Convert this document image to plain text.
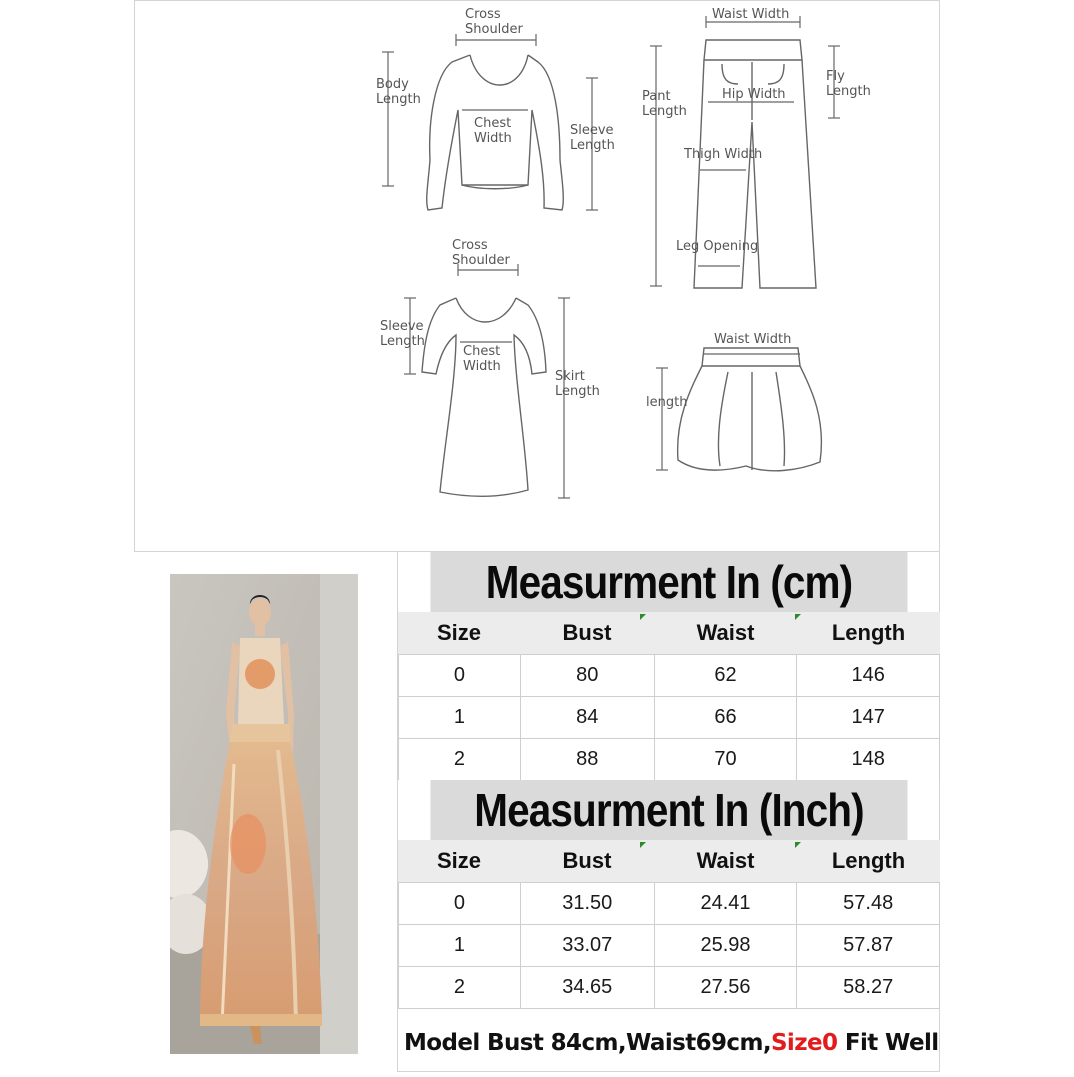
Cross
Shoulder
Body
Length
Chest
Width
Sleeve
Length
Waist Width
Pant
Length
Hip Width
Fly
Length
Thigh Width
Leg Opening
Cross
Shoulder
Sleeve
Length
Chest
Width
Skirt
Length
Waist Width
length
Measurment In (cm)
Size	Bust	Waist	Length
0	80	62	146
1	84	66	147
2	88	70	148
Measurment In (Inch)
Size	Bust	Waist	Length
0	31.50	24.41	57.48
1	33.07	25.98	57.87
2	34.65	27.56	58.27
Model Bust 84cm,Waist69cm, Size0 Fit Well
